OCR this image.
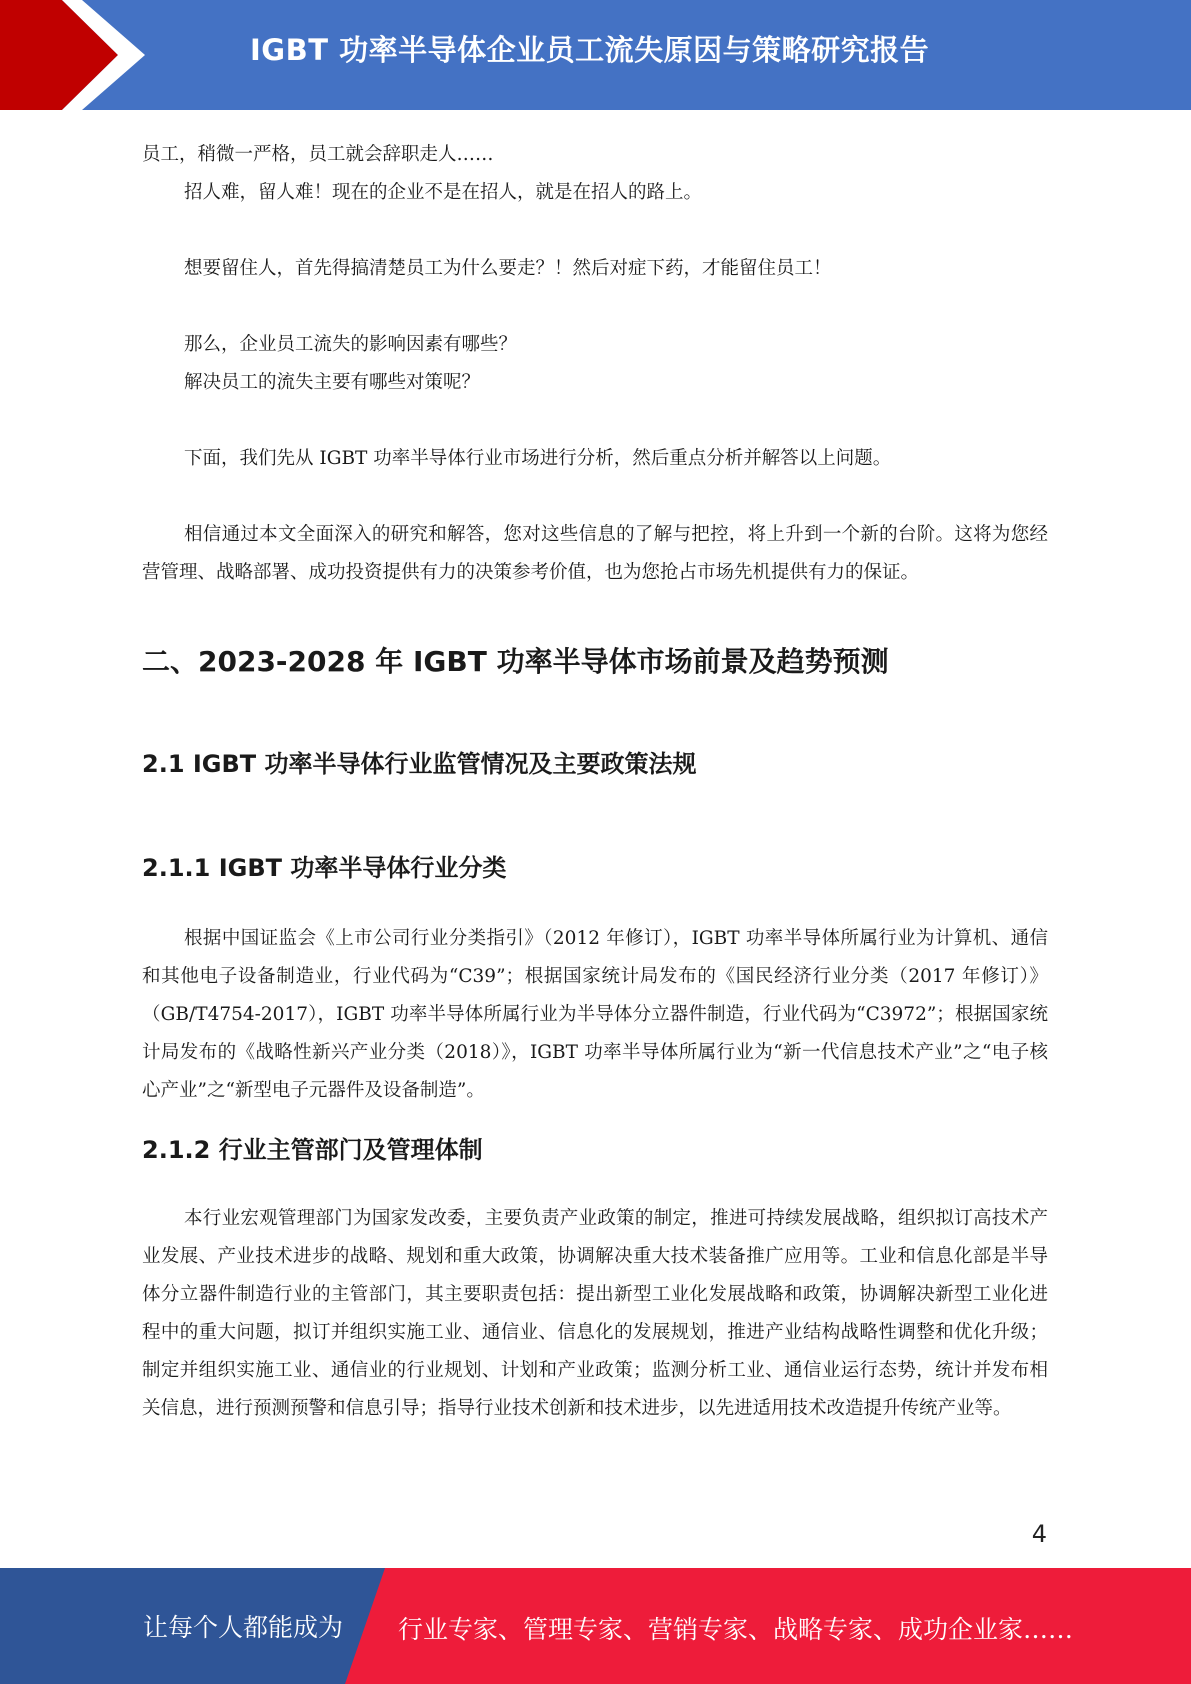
IGBT 功率半导体企业员工流失原因与策略研究报告

员工，稍微一严格，员工就会辞职走人……

招人难，留人难！现在的企业不是在招人，就是在招人的路上。

想要留住人，首先得搞清楚员工为什么要走？！然后对症下药，才能留住员工！

那么，企业员工流失的影响因素有哪些？

解决员工的流失主要有哪些对策呢？

下面，我们先从 IGBT 功率半导体行业市场进行分析，然后重点分析并解答以上问题。

相信通过本文全面深入的研究和解答，您对这些信息的了解与把控，将上升到一个新的台阶。这将为您经营管理、战略部署、成功投资提供有力的决策参考价值，也为您抢占市场先机提供有力的保证。

二、2023-2028 年 IGBT 功率半导体市场前景及趋势预测
2.1 IGBT 功率半导体行业监管情况及主要政策法规
2.1.1 IGBT 功率半导体行业分类

根据中国证监会《上市公司行业分类指引》（2012 年修订），IGBT 功率半导体所属行业为计算机、通信和其他电子设备制造业，行业代码为“C39”；根据国家统计局发布的《国民经济行业分类（2017 年修订）》（GB/T4754-2017），IGBT 功率半导体所属行业为半导体分立器件制造，行业代码为“C3972”；根据国家统计局发布的《战略性新兴产业分类（2018）》，IGBT 功率半导体所属行业为“新一代信息技术产业”之“电子核心产业”之“新型电子元器件及设备制造”。

2.1.2 行业主管部门及管理体制

本行业宏观管理部门为国家发改委，主要负责产业政策的制定，推进可持续发展战略，组织拟订高技术产业发展、产业技术进步的战略、规划和重大政策，协调解决重大技术装备推广应用等。工业和信息化部是半导体分立器件制造行业的主管部门，其主要职责包括：提出新型工业化发展战略和政策，协调解决新型工业化进程中的重大问题，拟订并组织实施工业、通信业、信息化的发展规划，推进产业结构战略性调整和优化升级；制定并组织实施工业、通信业的行业规划、计划和产业政策；监测分析工业、通信业运行态势，统计并发布相关信息，进行预测预警和信息引导；指导行业技术创新和技术进步，以先进适用技术改造提升传统产业等。

4
让每个人都能成为 行业专家、管理专家、营销专家、战略专家、成功企业家……
